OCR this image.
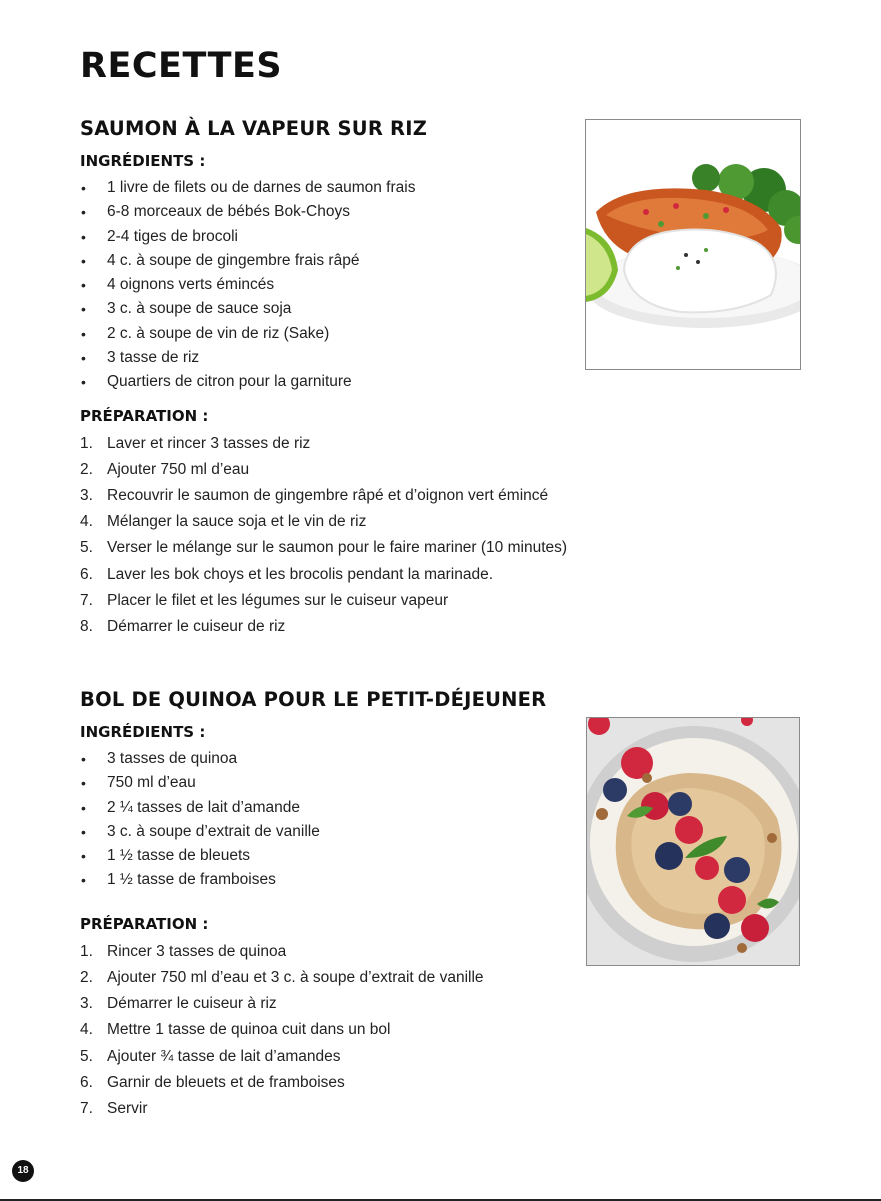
RECETTES
SAUMON À LA VAPEUR SUR RIZ
INGRÉDIENTS :
• 1 livre de filets ou de darnes de saumon frais
• 6-8 morceaux de bébés Bok-Choys
• 2-4 tiges de brocoli
• 4 c. à soupe de gingembre frais râpé
• 4 oignons verts émincés
• 3 c. à soupe de sauce soja
• 2 c. à soupe de vin de riz (Sake)
• 3 tasse de riz
• Quartiers de citron pour la garniture
PRÉPARATION :
1. Laver et rincer 3 tasses de riz
2. Ajouter 750 ml d’eau
3. Recouvrir le saumon de gingembre râpé et d’oignon vert émincé
4. Mélanger la sauce soja et le vin de riz
5. Verser le mélange sur le saumon pour le faire mariner (10 minutes)
6. Laver les bok choys et les brocolis pendant la marinade.
7. Placer le filet et les légumes sur le cuiseur vapeur
8. Démarrer le cuiseur de riz
BOL DE QUINOA POUR LE PETIT-DÉJEUNER
INGRÉDIENTS :
• 3 tasses de quinoa
• 750 ml d’eau
• 2 ¼ tasses de lait d’amande
• 3 c. à soupe d’extrait de vanille
• 1 ½ tasse de bleuets
• 1 ½ tasse de framboises
PRÉPARATION :
1. Rincer 3 tasses de quinoa
2. Ajouter 750 ml d’eau et 3 c. à soupe d’extrait de vanille
3. Démarrer le cuiseur à riz
4. Mettre 1 tasse de quinoa cuit dans un bol
5. Ajouter ¾ tasse de lait d’amandes
6. Garnir de bleuets et de framboises
7. Servir
18
